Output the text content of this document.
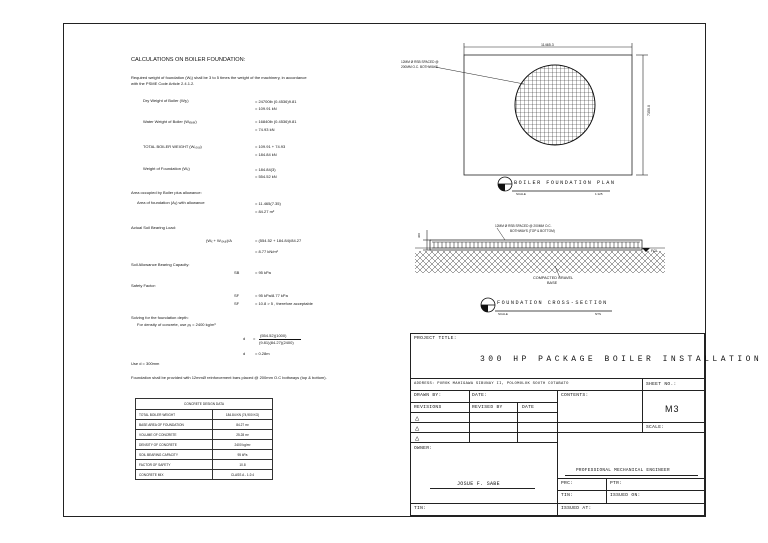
CALCULATIONS ON BOILER FOUNDATION:
Required weight of foundation (Wₓ) shall be 3 to 5 times the weight of the machinery, in accordance
with the PSME Code Article 2.4.1.2.
Dry Weight of Boiler (Wᵦᵣ)	= 24700lb (0.4536)9.81
= 109.91 kN
Water Weight of Boiler (Wᵥₐₜₑᵣ)	= 16840lb (0.4536)9.81
= 74.93 kN
TOTAL BOILER WEIGHT (Wₜₒₜₐₗ)	= 109.91 + 74.93
= 184.84 kN
Weight of Foundation (Wₓ)	= 184.84(3)
= 554.52 kN
Area occupied by Boiler plus allowance:
Area of foundation (Aₓ) with allowance	= 11.465(7.35)
= 84.27 m²
Actual Soil Bearing Load:
(Wₓ + Wₜₒₜₐₗ)/A	= (554.52 + 184.84)/84.27
= 8.77 kN/m²
Soil Allowance Bearing Capacity:
SB	= 95 kPa
Safety Factor:
SF	= 95 kPa/8.77 kPa
SF	= 10.8 > 5 , therefore acceptable
Solving for the foundation depth:
For density of concrete, use ρₓ = 2400 kg/m³
d =
(554.52)(1000)
(9.81)(84.27)(2400)
d = 0.28m
Use d = 300mm
Foundation shall be provided with 12mmØ reinforcement bars placed @ 200mm O.C bothways (top & bottom).
CONCRETE DESIGN DATA	
TOTAL BOILER WEIGHT	184.84 KN (74,900 KG)
BASE AREA OF FOUNDATION	84.27 m²
VOLUME OF CONCRETE	25.28 m³
DENSITY OF CONCRETE	2400 kg/m³
SOIL BEARING CAPACITY	95 kPa
FACTOR OF SAFETY	10.8
CONCRETE MIX	CLASS A - 1:2:4
11465.3
7350.0
12MM Ø RSB SPACED @
200MM O.C. BOTHWAYS
BOILER FOUNDATION PLAN
SCALE	1:125
300
12MM Ø RSB SPACED @ 200MM O.C.
BOTHWAYS (TOP & BOTTOM)
FGL
COMPACTED GRAVEL
BASE
FOUNDATION CROSS-SECTION
SCALE	NTS
PROJECT TITLE:
300 HP PACKAGE BOILER INSTALLATION
ADDRESS: PUROK MAHIGAWA SIBUNAY II, POLOMOLOK SOUTH COTABATO	SHEET NO.:
M3
DRAWN BY:	DATE:	CONTENTS:
REVISIONS	REVISED BY	DATE
△
△
△
SCALE:
OWNER:
JOSUE F. SABE
PROFESSIONAL MECHANICAL ENGINEER
PRC:	PTR:
TIN:	ISSUED ON:
TIN:	ISSUED AT:
